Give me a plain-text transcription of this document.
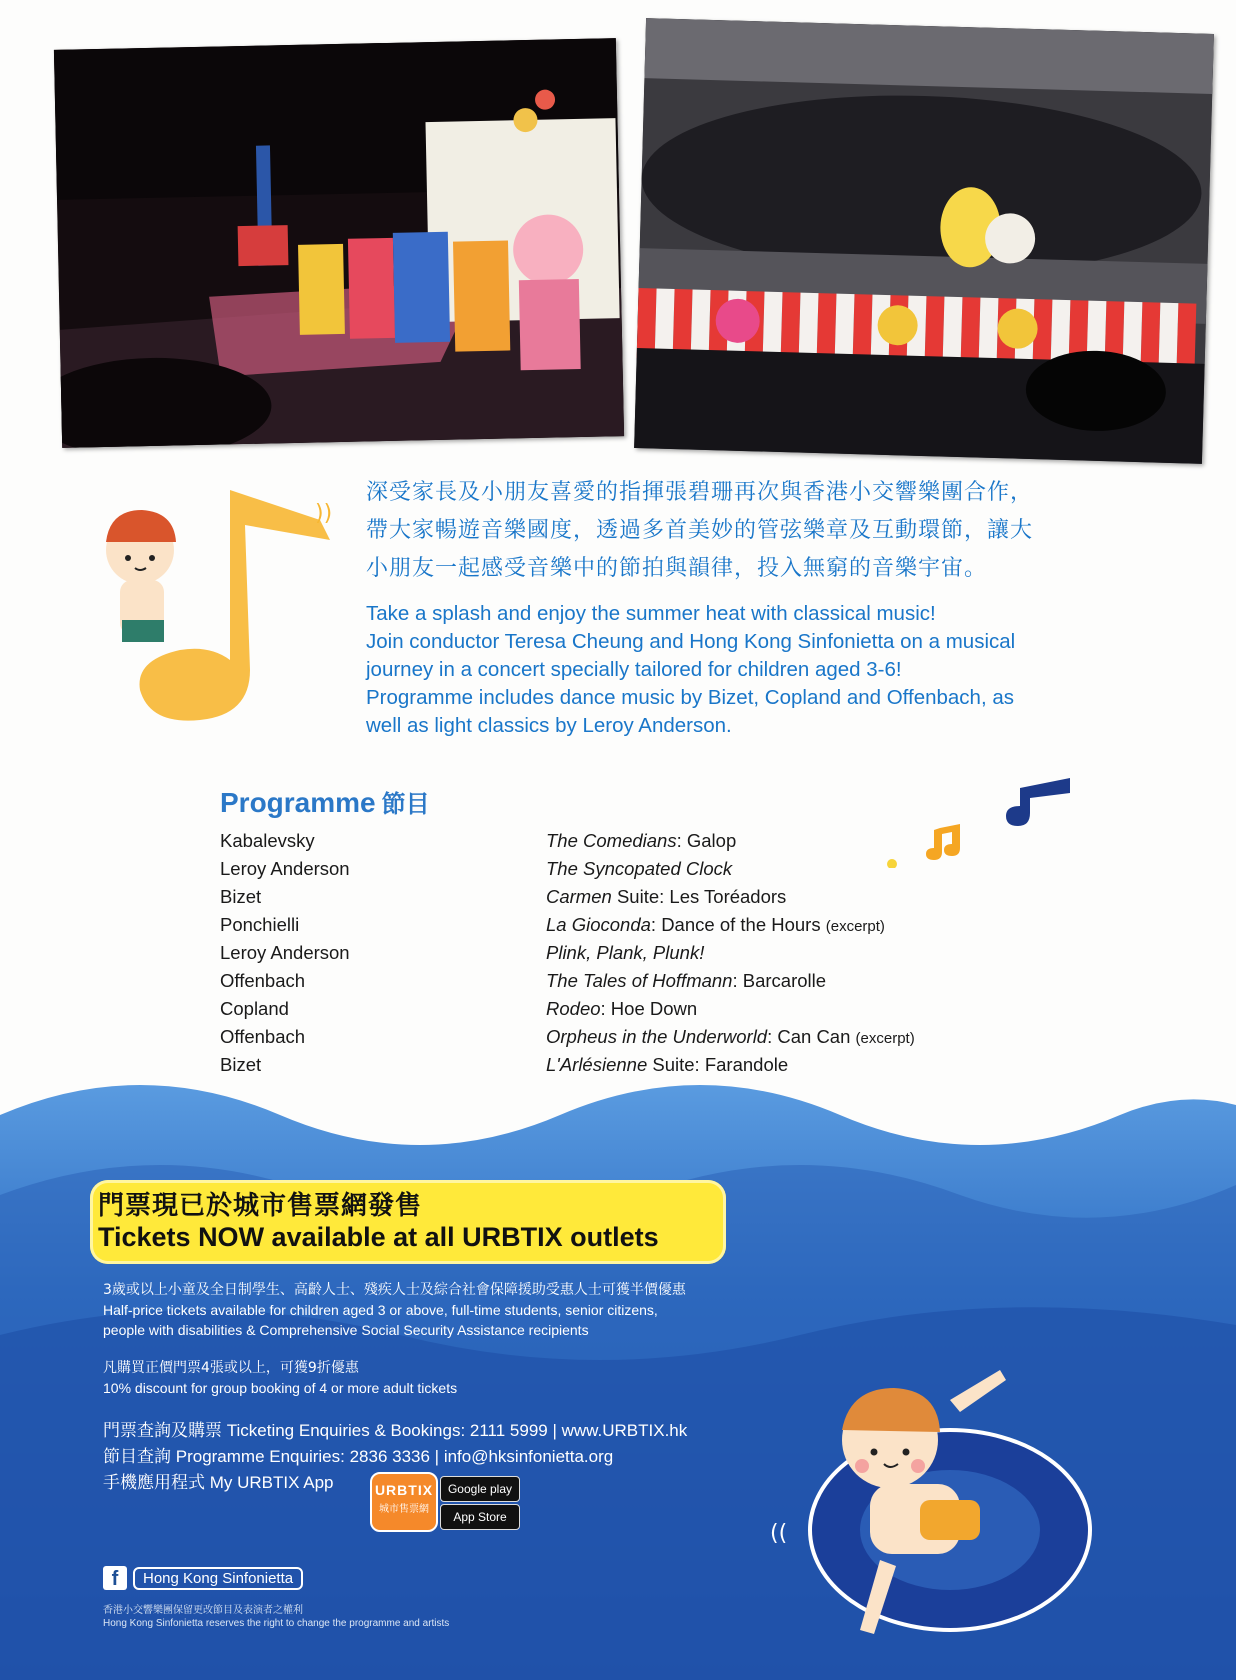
))

深受家長及小朋友喜愛的指揮張碧珊再次與香港小交響樂團合作，

帶大家暢遊音樂國度，透過多首美妙的管弦樂章及互動環節，讓大

小朋友一起感受音樂中的節拍與韻律，投入無窮的音樂宇宙。

Take a splash and enjoy the summer heat with classical music!

Join conductor Teresa Cheung and Hong Kong Sinfonietta on a musical

journey in a concert specially tailored for children aged 3-6!

Programme includes dance music by Bizet, Copland and Offenbach, as

well as light classics by Leroy Anderson.

Programme 節目
Kabalevsky	The Comedians: Galop
Leroy Anderson	The Syncopated Clock
Bizet	Carmen Suite: Les Toréadors
Ponchielli	La Gioconda: Dance of the Hours (excerpt)
Leroy Anderson	Plink, Plank, Plunk!
Offenbach	The Tales of Hoffmann: Barcarolle
Copland	Rodeo: Hoe Down
Offenbach	Orpheus in the Underworld: Can Can (excerpt)
Bizet	L'Arlésienne Suite: Farandole
門票現已於城市售票網發售
Tickets NOW available at all URBTIX outlets
3歲或以上小童及全日制學生、高齡人士、殘疾人士及綜合社會保障援助受惠人士可獲半價優惠
Half-price tickets available for children aged 3 or above, full-time students, senior citizens,
people with disabilities & Comprehensive Social Security Assistance recipients
凡購買正價門票4張或以上，可獲9折優惠
10% discount for group booking of 4 or more adult tickets
門票查詢及購票 Ticketing Enquiries & Bookings: 2111 5999 | www.URBTIX.hk
節目查詢 Programme Enquiries: 2836 3336 | info@hksinfonietta.org
手機應用程式 My URBTIX App	URBTIX
城市售票網
Google play
App Store
f	Hong Kong Sinfonietta
香港小交響樂團保留更改節目及表演者之權利
Hong Kong Sinfonietta reserves the right to change the programme and artists
((
